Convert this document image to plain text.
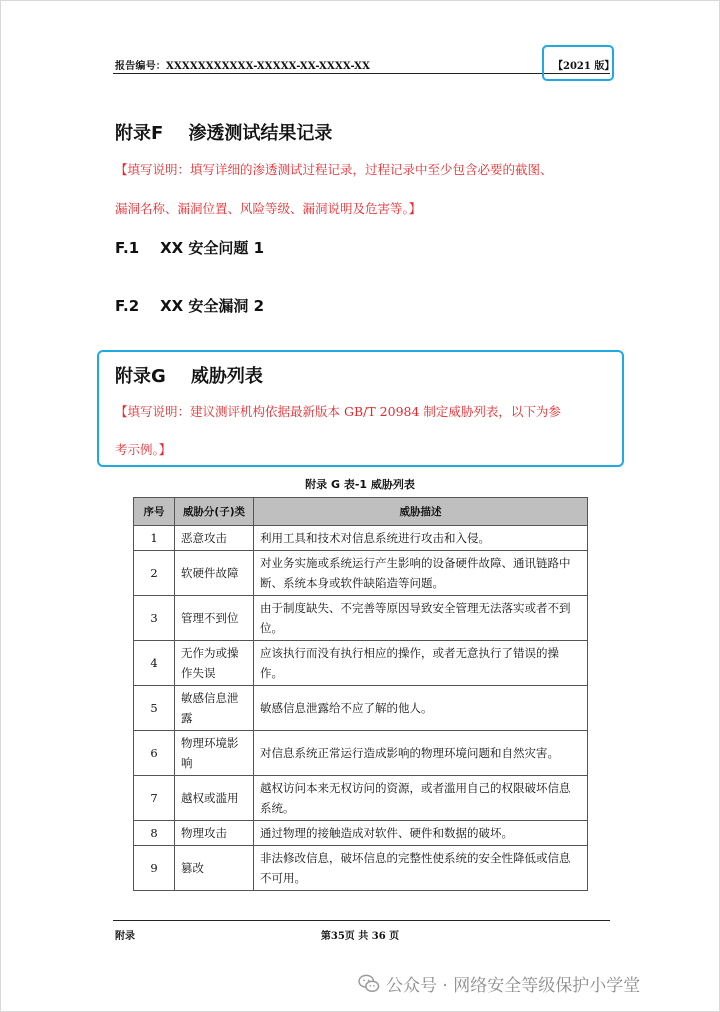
报告编号：XXXXXXXXXXX-XXXXX-XX-XXXX-XX	【2021 版】
附录F    渗透测试结果记录
【填写说明：填写详细的渗透测试过程记录，过程记录中至少包含必要的截图、
漏洞名称、漏洞位置、风险等级、漏洞说明及危害等。】
F.1    XX 安全问题 1
F.2    XX 安全漏洞 2
附录G    威胁列表
【填写说明：建议测评机构依据最新版本 GB/T 20984 制定威胁列表，以下为参
考示例。】
附录 G 表-1 威胁列表
序号	威胁分(子)类	威胁描述
1	恶意攻击	利用工具和技术对信息系统进行攻击和入侵。
2	软硬件故障	对业务实施或系统运行产生影响的设备硬件故障、通讯链路中断、系统本身或软件缺陷造等问题。
3	管理不到位	由于制度缺失、不完善等原因导致安全管理无法落实或者不到位。
4	无作为或操作失误	应该执行而没有执行相应的操作，或者无意执行了错误的操作。
5	敏感信息泄露	敏感信息泄露给不应了解的他人。
6	物理环境影响	对信息系统正常运行造成影响的物理环境问题和自然灾害。
7	越权或滥用	越权访问本来无权访问的资源，或者滥用自己的权限破坏信息系统。
8	物理攻击	通过物理的接触造成对软件、硬件和数据的破坏。
9	篡改	非法修改信息，破坏信息的完整性使系统的安全性降低或信息不可用。
附录	第35页 共 36 页
公众号 · 网络安全等级保护小学堂
